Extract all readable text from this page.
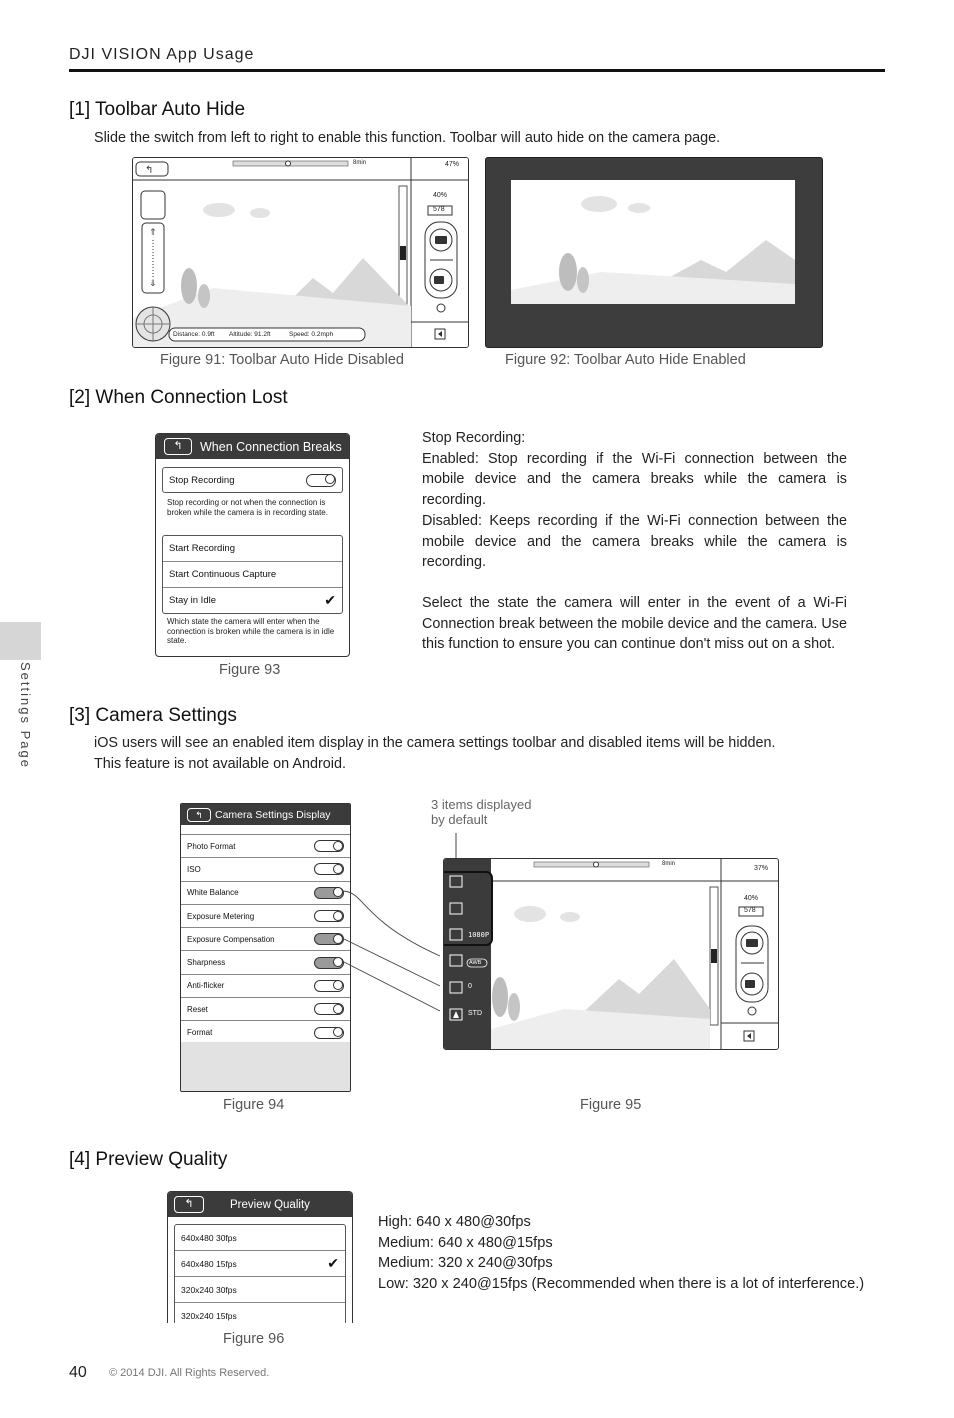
DJI VISION App Usage
Settings Page
[1] Toolbar Auto Hide
Slide the switch from left to right to enable this function. Toolbar will auto hide on the camera page.
↰
⇑
⇓
8min	47%
40%
578
Distance: 0.9ft Altitude: 91.2ft	Speed: 0.2mph
Figure 91: Toolbar Auto Hide Disabled	Figure 92: Toolbar Auto Hide Enabled
[2] When Connection Lost
↰	When Connection Breaks
Stop Recording
Stop recording or not when the connection is broken while the camera is in recording state.
Start Recording
Start Continuous Capture
Stay in Idle	✔
Which state the camera will enter when the connection is broken while the camera is in idle state.
Figure 93
Stop Recording:
Enabled: Stop recording if the Wi-Fi connection between the mobile device and the camera breaks while the camera is recording.
Disabled: Keeps recording if the Wi-Fi connection between the mobile device and the camera breaks while the camera is recording.
Select the state the camera will enter in the event of a Wi-Fi Connection break between the mobile device and the camera. Use this function to ensure you can continue don't miss out on a shot.
[3] Camera Settings
iOS users will see an enabled item display in the camera settings toolbar and disabled items will be hidden.
This feature is not available on Android.
↰	Camera Settings Display
Photo Format
ISO
White Balance
Exposure Metering
Exposure Compensation
Sharpness
Anti-flicker
Reset
Format
3 items displayed
by default
1080P
AWB
0
STD
8min
37%
40%
578
Figure 94	Figure 95
[4] Preview Quality
↰	Preview Quality
640x480 30fps
640x480 15fps	✔
320x240 30fps
320x240 15fps
Figure 96
High: 640 x 480@30fps
Medium: 640 x 480@15fps
Medium: 320 x 240@30fps
Low: 320 x 240@15fps (Recommended when there is a lot of interference.)
40 © 2014 DJI. All Rights Reserved.
